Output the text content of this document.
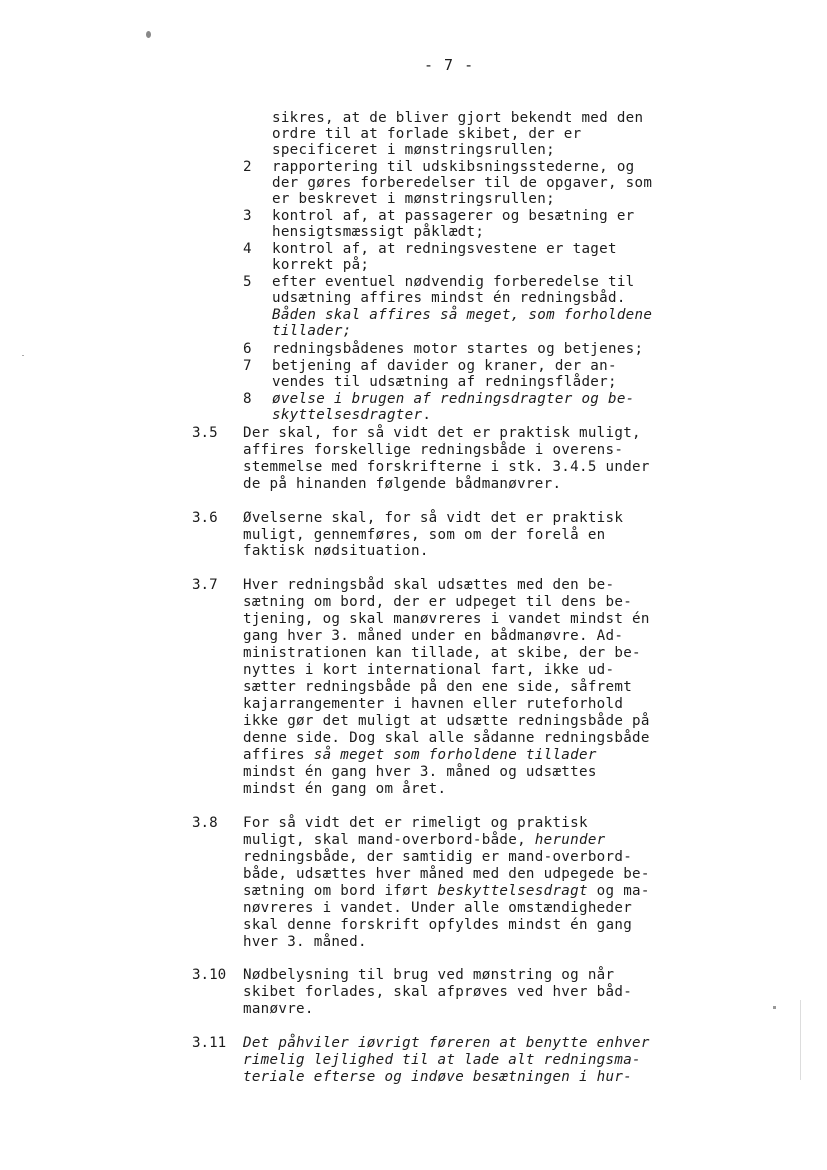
- 7 -
sikres, at de bliver gjort bekendt med den
ordre til at forlade skibet, der er
specificeret i mønstringsrullen;
2 rapportering til udskibsningsstederne, og
der gøres forberedelser til de opgaver, som
er beskrevet i mønstringsrullen;
3 kontrol af, at passagerer og besætning er
hensigtsmæssigt påklædt;
4 kontrol af, at redningsvestene er taget
korrekt på;
5 efter eventuel nødvendig forberedelse til
udsætning affires mindst én redningsbåd.
Båden skal affires så meget, som forholdene
tillader;
6 redningsbådenes motor startes og betjenes;
7 betjening af davider og kraner, der an-
vendes til udsætning af redningsflåder;
8 øvelse i brugen af redningsdragter og be-
skyttelsesdragter.
3.5 Der skal, for så vidt det er praktisk muligt,
affires forskellige redningsbåde i overens-
stemmelse med forskrifterne i stk. 3.4.5 under
de på hinanden følgende bådmanøvrer.
3.6 Øvelserne skal, for så vidt det er praktisk
muligt, gennemføres, som om der forelå en
faktisk nødsituation.
3.7 Hver redningsbåd skal udsættes med den be-
sætning om bord, der er udpeget til dens be-
tjening, og skal manøvreres i vandet mindst én
gang hver 3. måned under en bådmanøvre. Ad-
ministrationen kan tillade, at skibe, der be-
nyttes i kort international fart, ikke ud-
sætter redningsbåde på den ene side, såfremt
kajarrangementer i havnen eller ruteforhold
ikke gør det muligt at udsætte redningsbåde på
denne side. Dog skal alle sådanne redningsbåde
affires så meget som forholdene tillader
mindst én gang hver 3. måned og udsættes
mindst én gang om året.
3.8 For så vidt det er rimeligt og praktisk
muligt, skal mand-overbord-både, herunder
redningsbåde, der samtidig er mand-overbord-
både, udsættes hver måned med den udpegede be-
sætning om bord iført beskyttelsesdragt og ma-
nøvreres i vandet. Under alle omstændigheder
skal denne forskrift opfyldes mindst én gang
hver 3. måned.
3.10 Nødbelysning til brug ved mønstring og når
skibet forlades, skal afprøves ved hver båd-
manøvre.
3.11 Det påhviler iøvrigt føreren at benytte enhver
rimelig lejlighed til at lade alt redningsma-
teriale efterse og indøve besætningen i hur-
